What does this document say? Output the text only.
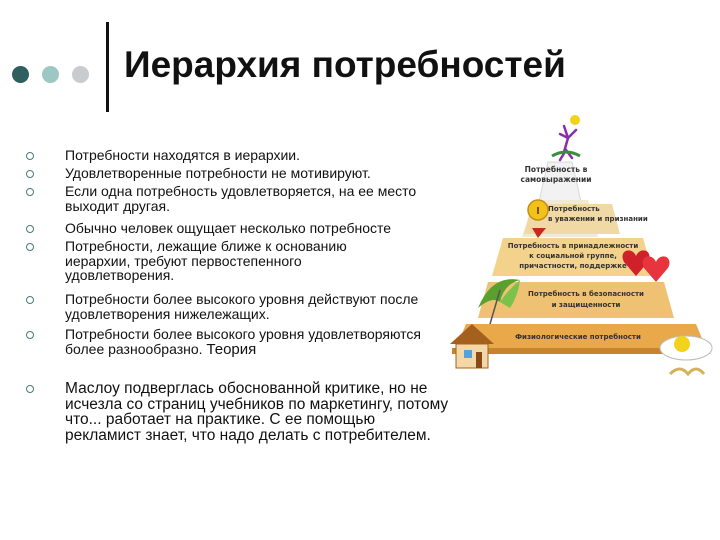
Иерархия потребностей
Потребности находятся в иерархии.
Удовлетворенные потребности не мотивируют.
Если одна потребность удовлетворяется, на ее место выходит другая.
Обычно человек ощущает несколько потребносте
Потребности, лежащие ближе к основанию иерархии, требуют первостепенного удовлетворения.
Потребности более высокого уровня действуют после удовлетворения нижележащих.
Потребности более высокого уровня удовлетворяются более разнообразно. Теория
Маслоу подверглась обоснованной критике, но не исчезла со страниц учебников по маркетингу, потому что... работает на практике. С ее помощью рекламист знает, что надо делать с потребителем.
Потребность в
самовыражении
Потребность
в уважении и признании
Потребность в принадлежности
к социальной группе,
причастности, поддержке
Потребность в безопасности
и защищенности
Физиологические потребности
I
